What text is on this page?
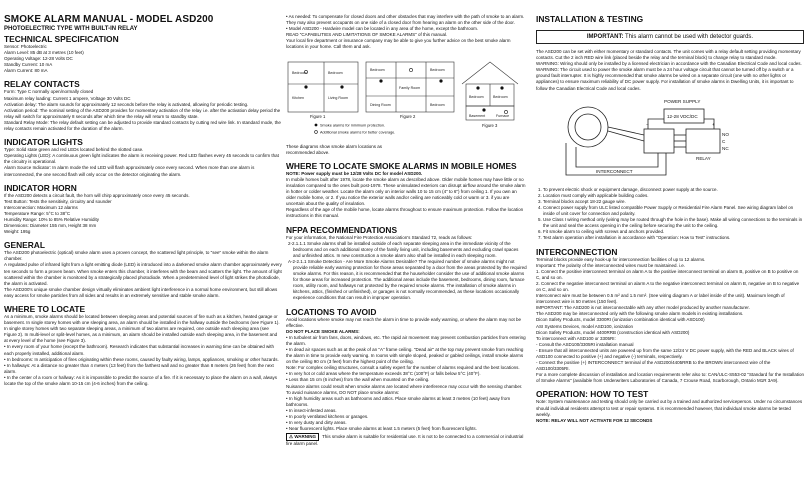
SMOKE ALARM MANUAL - MODEL ASD200
PHOTOELECTRIC TYPE WITH BUILT-IN RELAY
TECHNICAL SPECIFICATION
Sensor: Photoelectric
Alarm Level: 85 dB at 3 metres (10 feet)
Operating Voltage: 12-28 Volts DC
Standby Current: 10 mA
Alarm Current: 80 mA
RELAY CONTACTS
Form: Type C normally open/normally closed
Maximum relay loading: Current 1 ampere, Voltage 30 Volts DC
Activation delay: The alarm sounds for approximately 12 seconds before the relay is activated, allowing for periodic testing.
Activation period: The nominal setting of the ASD200 provides for momentary activation of the relay i.e. after the activation delay period the relay will switch for approximately 8 seconds after which time the relay will return to standby state.
Standard Relay Mode: The relay default setting can be adjusted to provide standard contacts by cutting red wire link. In standard mode, the relay contacts remain activated for the duration of the alarm.
INDICATOR LIGHTS
Type: Solid state green and red LEDs located behind the slotted case.
Operating Lights (LED): A continuous green light indicates the alarm is receiving power. Red LED flashes every 45 seconds to confirm that the circuitry is operational.
Alarm Source Indicator: In alarm mode the red LED will flash approximately once every second. When more than one alarm is interconnected, the one second flash will only occur on the detector originating the alarm.
INDICATOR HORN
If the ASD200 detects a circuit fault, the horn will chirp approximately once every 45 seconds.
Test Button: Tests the sensitivity, circuitry and sounder
Interconnection: Maximum 12 alarms
Temperature Range: 5°C to 38°C
Humidity Range: 10% to 85% Relative Humidity
Dimensions: Diameter 155 mm, Height 38 mm
Weight: 195g
GENERAL
The ASD200 photoelectric (optical) smoke alarm uses a proven concept, the scattered light principle, to "see" smoke within the alarm chamber.
A regulated pulse of infrared light from a light emitting diode (LED) is introduced into a darkened smoke alarm chamber approximately every ten seconds to form a proven beam. When smoke enters this chamber, it interferes with the beam and scatters the light. The amount of light scattered within the chamber is monitored by a strategically placed photodiode. When a predetermined level of light strikes the photodiode, the alarm is activated.
The ASD200's unique smoke chamber design virtually eliminates ambient light interference in a normal home environment, but still allows easy access for smoke particles from all sides and results in an extremely sensitive and stable smoke alarm.
WHERE TO LOCATE
As a minimum, smoke alarms should be located between sleeping areas and potential sources of fire such as a kitchen, heated garage or basement. In single storey homes with one sleeping area, an alarm should be installed in the hallway outside the bedrooms (see Figure 1). In single storey homes with two separate sleeping areas, a minimum of two alarms are required, one outside each sleeping area (see Figure 2). In multi-level or split-level homes, as a minimum, an alarm should be installed outside each sleeping area, in the basement and at every level of the home (see Figure 3).
• In every room of your home (except the bathroom). Research indicates that substantial increases in warning time can be obtained with each properly installed, additional alarm.
• In bedrooms: In anticipation of fires originating within these rooms, caused by faulty wiring, lamps, appliances, smoking or other hazards.
• In hallways: At a distance no greater than 4 meters (13 feet) from the farthest wall and no greater than 8 meters (26 feet) from the next alarm.
• In the center of a room or hallway: As it is impossible to predict the source of a fire. If it is necessary to place the alarm on a wall, always locate the top of the smoke alarm 10-15 cm (4-6 inches) from the ceiling.
• As needed: To compensate for closed doors and other obstacles that may interfere with the path of smoke to an alarm. They may also prevent occupants on one side of a closed door from hearing an alarm on the other side of the door.
• Model ASD200 - Hardwire model can be located in any area of the home, except the bathroom.
READ "CAPABILITIES AND LIMITATIONS OF SMOKE ALARMS" of this manual.
Your local fire department or insurance company may be able to give you further advice on the best smoke alarm locations in your home. Call them and ask.
Bedroom	Bedroom
Kitchen	Living Room
Bedroom	Bedroom
Family Room
Dining Room	Bedroom
Bedroom	Bedroom
Basement	Furnace
Figure 1	Figure 2
Figure 3
Smoke alarms for minimum protection.
Additional smoke alarms for better coverage.
These diagrams show smoke alarm locations as recommended above.
WHERE TO LOCATE SMOKE ALARMS IN MOBILE HOMES
NOTE: Power supply must be 12/28 Volts DC for model ASD200.
In mobile homes built after 1978, locate the smoke alarm as described above. Older mobile homes may have little or no insulation compared to the ones built post-1978. These uninsulated exteriors can disrupt airflow around the smoke alarm in hotter or colder weather. Locate the alarm only on interior walls 10 to 15 cm (4" to 6") from ceiling 1. If you own an older mobile home, or 2. If you notice the exterior walls and/or ceiling are noticeably cold or warm or 3. if you are uncertain about the quality of insulation.
Regardless of the age of the mobile home, locate alarms throughout to ensure maximum protection. Follow the location instructions in this manual.
NFPA RECOMMENDATIONS
For your information, the National Fire Protection Association's Standard 72, reads as follows:
2-2.1.1.1 Smoke alarms shall be installed outside of each separate sleeping area in the immediate vicinity of the bedrooms and on each additional storey of the family living unit, including basements and excluding crawl spaces and unfinished attics. In new construction a smoke alarm also shall be installed in each sleeping room.
A-2-2.1.1 Smoke Detection - Are More Smoke Alarms Desirable? The required number of smoke alarms might not provide reliable early warning protection for those areas separated by a door from the areas protected by the required smoke alarms. For this reason, it is recommended that the householder consider the use of additional smoke alarms for those areas for increased protection. The additional areas include the basement, bedrooms, dining room, furnace room, utility room, and hallways not protected by the required smoke alarms. The installation of smoke alarms in kitchens, attics, (finished or unfinished), or garages is not normally recommended, as these locations occasionally experience conditions that can result in improper operation.
LOCATIONS TO AVOID
Avoid locations where smoke may not reach the alarm in time to provide early warning, or where the alarm may not be effective.
DO NOT PLACE SMOKE ALARMS:
• In turbulent air from fans, doors, windows, etc. The rapid air movement may prevent combustion particles from entering the alarm.
• In dead air spaces such as at the peak of an "A" frame ceiling. "Dead air" at the top may prevent smoke from reaching the alarm in time to provide early warning. In rooms with simple sloped, peaked or gabled ceilings, install smoke alarms on the ceiling 90 cm (3 feet) from the highest point of the ceiling.
Note: For complex ceiling structures, consult a safety expert for the number of alarms required and the best locations.
• In very hot or cold areas where the temperature exceeds 38°C (100°F) or falls below 5°C (40°F).
• Less than 15 cm (6 inches) from the wall when mounted on the ceiling.
Nuisance alarms could result when smoke alarms are located where interference may occur with the sensing chamber. To avoid nuisance alarms, DO NOT place smoke alarms:
• In high humidity areas such as bathrooms and attics. Place smoke alarms at least 3 metres (10 feet) away from bathrooms.
• In insect-infested areas.
• In poorly ventilated kitchens or garages.
• In very dusty and dirty areas.
• Near fluorescent lights. Place smoke alarms at least 1.5 meters (5 feet) from fluorescent lights.
⚠ WARNING This smoke alarm is suitable for residential use. It is not to be connected to a commercial or industrial fire alarm panel.
INSTALLATION & TESTING
IMPORTANT: This alarm cannot be used with detector guards.
The ASD200 can be set with either momentary or standard contacts. The unit comes with a relay default setting providing momentary contacts. Cut the 2 inch RED wire link (placed beside the relay and the terminal block) to change relay to standard mode.
WARNING: Wiring should only be installed by a licensed electrician in accordance with the Canadian Electrical Code and local codes.
WARNING: The circuit used to power the smoke alarm must be a 24 hour voltage circuit that cannot be turned off by a switch or a ground fault interrupter. It is highly recommended that smoke alarms be wired on a separate circuit (one with no other lights or appliances) to ensure maximum reliability of DC power supply. For installation of smoke alarms in Dwelling Units, it is important to follow the Canadian Electrical Code and local codes.
POWER SUPPLY
12-28 VDC/DC
NO
C
NC
RELAY
INTERCONNECT
−	+
1. To prevent electric shock or equipment damage, disconnect power supply at the source.
2. Location must comply with applicable building codes.
3. Terminal blocks accept 18-22 gauge wire.
4. Connect power supply from ULC listed compatible Power Supply or Residential Fire Alarm Panel. See wiring diagram label on inside of unit cover for connection and polarity.
5. Use Class I wiring method only (wiring may be routed through the hole in the base). Make all wiring connections to the terminals in the unit and seal the access opening in the ceiling before securing the unit to the ceiling.
6. Fit smoke alarm to ceiling with screws and anchors provided.
7. Test alarm operation after installation in accordance with "Operation: How to Test" instructions.
INTERCONNECTION
Terminal blocks provide easy hook-up for interconnection facilities of up to 12 alarms.
Important: The polarity of the interconnected wires must be maintained. i.e.
1. Connect the positive interconnect terminal on alarm A to the positive interconnect terminal on alarm B, positive on B to positive on C, and so on.
2. Connect the negative interconnect terminal on alarm A to the negative interconnect terminal on alarm B, negative on B to negative on C, and so on.
Interconnect wire must be between 0.5 m² and 1.5 mm². (See wiring diagram A or label inside of the unit). Maximum length of interconnect wire is 50 metres (150 feet).
IMPORTANT: The ASD200 is not interconnectable with any other model produced by another manufacturer.
The ASD200 may be interconnected only with the following smoke alarm models in existing installations.
Dicon Safety Products, model 3300RI (ionization combination identical with ASD100)
ASI Systems Devices, model ASD100, ionization
Dicon Safety Products, model 4400RRB (construction identical with ASD200)
To interconnect with ASD100 or 3305RI:
- Consult the ASD100/3305RI installation manual
- Ensure that all interconnected units are powered up from the same 12/24 V DC power supply, with the RED and BLACK wires of ASD100 connected to positive (+) and negative (-) terminals, respectively.
- Connect the positive (+) INTERCONNECT terminal of the ASD200/4405RRB to the BROWN interconnect wire of the ASD100/3305RI.
For a more complete discussion of installation and location requirements refer also to: CAN/ULC-S553-02 "Standard for the Installation of Smoke Alarms" (available from Underwriters Laboratories of Canada, 7 Crouse Road, Scarborough, Ontario M1R 3A9).
OPERATION: HOW TO TEST
Note: System maintenance and testing should only be carried out by a trained and authorized serviceperson. Under no circumstances should individual residents attempt to test or repair systems. It is recommended however, that individual smoke alarms be tested weekly.
NOTE: RELAY WILL NOT ACTIVATE FOR 12 SECONDS
